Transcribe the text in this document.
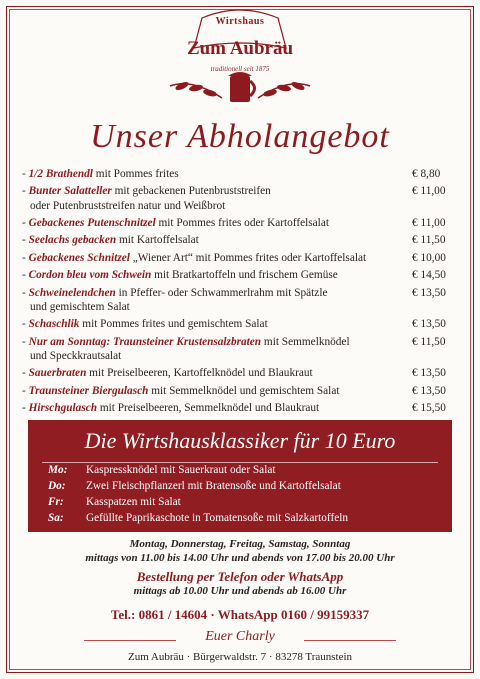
Wirtshaus
Zum Aubräu
traditionell seit 1875
Unser Abholangebot
- 1/2 Brathendl mit Pommes frites	€ 8,80
- Bunter Salatteller mit gebackenen Putenbruststreifen
oder Putenbruststreifen natur und Weißbrot
€ 11,00
- Gebackenes Putenschnitzel mit Pommes frites oder Kartoffelsalat	€ 11,00
- Seelachs gebacken mit Kartoffelsalat	€ 11,50
- Gebackenes Schnitzel „Wiener Art“ mit Pommes frites oder Kartoffelsalat	€ 10,00
- Cordon bleu vom Schwein mit Bratkartoffeln und frischem Gemüse	€ 14,50
- Schweinelendchen in Pfeffer- oder Schwammerlrahm mit Spätzle
und gemischtem Salat
€ 13,50
- Schaschlik mit Pommes frites und gemischtem Salat	€ 13,50
- Nur am Sonntag: Traunsteiner Krustensalzbraten mit Semmelknödel
und Speckkrautsalat
€ 11,50
- Sauerbraten mit Preiselbeeren, Kartoffelknödel und Blaukraut	€ 13,50
- Traunsteiner Biergulasch mit Semmelknödel und gemischtem Salat	€ 13,50
- Hirschgulasch mit Preiselbeeren, Semmelknödel und Blaukraut	€ 15,50
Die Wirtshausklassiker für 10 Euro
Mo:	Kaspressknödel mit Sauerkraut oder Salat
Do:	Zwei Fleischpflanzerl mit Bratensoße und Kartoffelsalat
Fr:	Kasspatzen mit Salat
Sa:	Gefüllte Paprikaschote in Tomatensoße mit Salzkartoffeln
Montag, Donnerstag, Freitag, Samstag, Sonntag
mittags von 11.00 bis 14.00 Uhr und abends von 17.00 bis 20.00 Uhr
Bestellung per Telefon oder WhatsApp
mittags ab 10.00 Uhr und abends ab 16.00 Uhr
Tel.: 0861 / 14604 · WhatsApp 0160 / 99159337
Euer Charly
Zum Aubräu · Bürgerwaldstr. 7 · 83278 Traunstein
